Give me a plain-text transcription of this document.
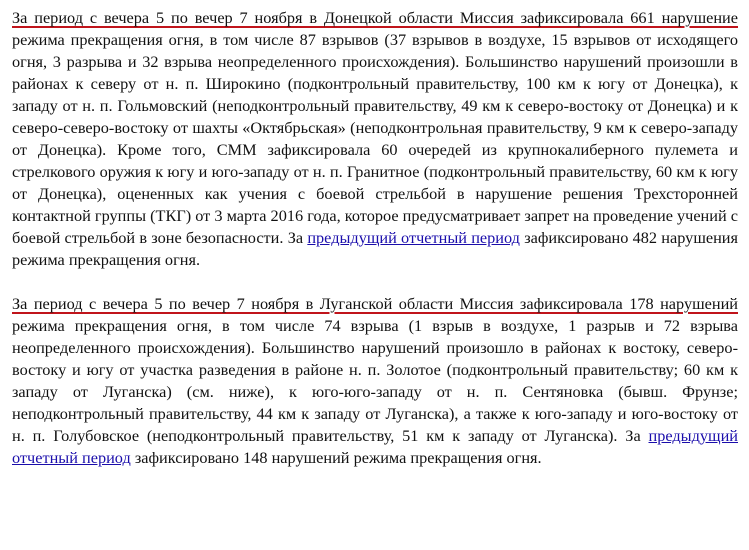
За период с вечера 5 по вечер 7 ноября в Донецкой области Миссия зафиксировала 661 нарушение режима прекращения огня, в том числе 87 взрывов (37 взрывов в воздухе, 15 взрывов от исходящего огня, 3 разрыва и 32 взрыва неопределенного происхождения). Большинство нарушений произошли в районах к северу от н. п. Широкино (подконтрольный правительству, 100 км к югу от Донецка), к западу от н. п. Гольмовский (неподконтрольный правительству, 49 км к северо-востоку от Донецка) и к северо-северо-востоку от шахты «Октябрьская» (неподконтрольная правительству, 9 км к северо-западу от Донецка). Кроме того, СММ зафиксировала 60 очередей из крупнокалиберного пулемета и стрелкового оружия к югу и юго-западу от н. п. Гранитное (подконтрольный правительству, 60 км к югу от Донецка), оцененных как учения с боевой стрельбой в нарушение решения Трехсторонней контактной группы (ТКГ) от 3 марта 2016 года, которое предусматривает запрет на проведение учений с боевой стрельбой в зоне безопасности. За предыдущий отчетный период зафиксировано 482 нарушения режима прекращения огня.

За период с вечера 5 по вечер 7 ноября в Луганской области Миссия зафиксировала 178 нарушений режима прекращения огня, в том числе 74 взрыва (1 взрыв в воздухе, 1 разрыв и 72 взрыва неопределенного происхождения). Большинство нарушений произошло в районах к востоку, северо-востоку и югу от участка разведения в районе н. п. Золотое (подконтрольный правительству; 60 км к западу от Луганска) (см. ниже), к юго-юго-западу от н. п. Сентяновка (бывш. Фрунзе; неподконтрольный правительству, 44 км к западу от Луганска), а также к юго-западу и юго-востоку от н. п. Голубовское (неподконтрольный правительству, 51 км к западу от Луганска). За предыдущий отчетный период зафиксировано 148 нарушений режима прекращения огня.
